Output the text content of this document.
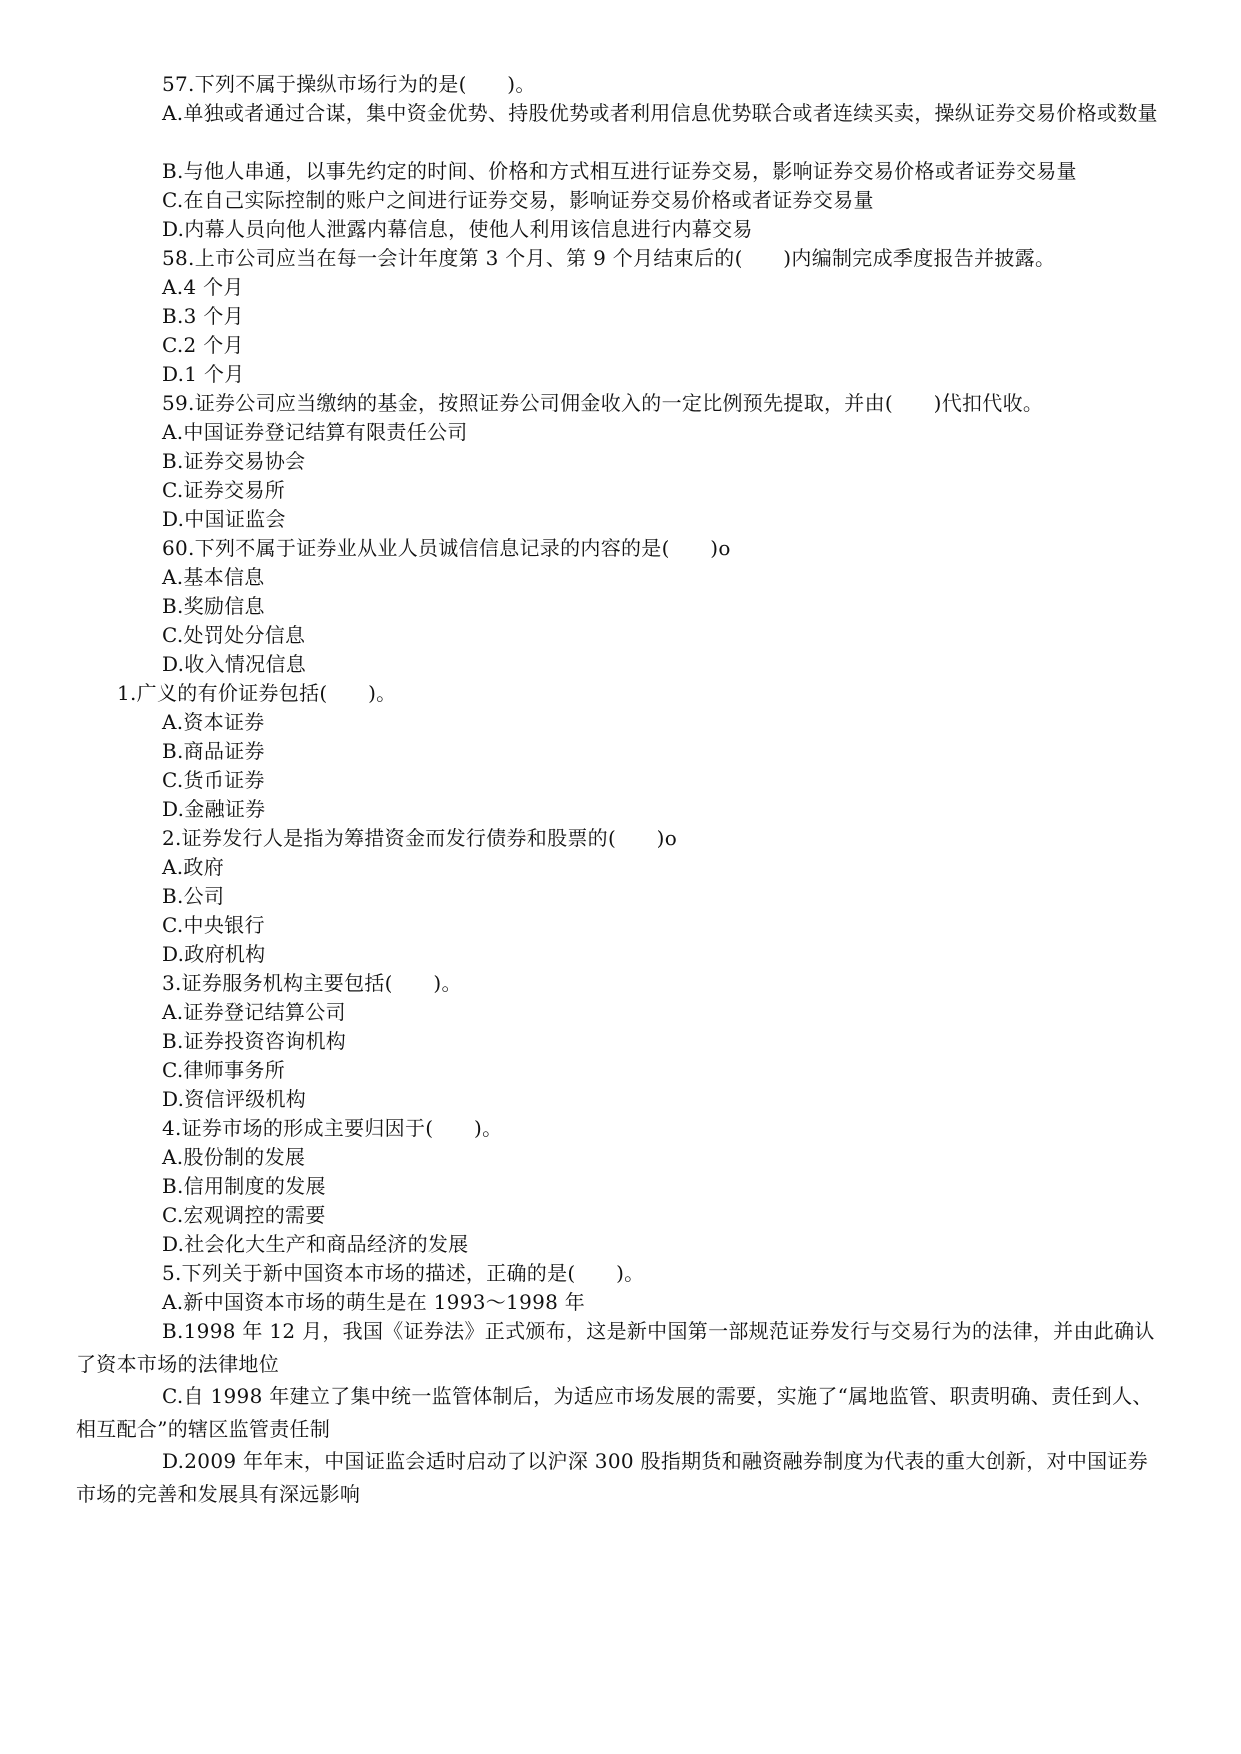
57.下列不属于操纵市场行为的是(　　)。
A.单独或者通过合谋，集中资金优势、持股优势或者利用信息优势联合或者连续买卖，操纵证券交易价格或数量
B.与他人串通，以事先约定的时间、价格和方式相互进行证券交易，影响证券交易价格或者证券交易量
C.在自己实际控制的账户之间进行证券交易，影响证券交易价格或者证券交易量
D.内幕人员向他人泄露内幕信息，使他人利用该信息进行内幕交易
58.上市公司应当在每一会计年度第 3 个月、第 9 个月结束后的(　　)内编制完成季度报告并披露。
A.4 个月
B.3 个月
C.2 个月
D.1 个月
59.证券公司应当缴纳的基金，按照证券公司佣金收入的一定比例预先提取，并由(　　)代扣代收。
A.中国证券登记结算有限责任公司
B.证券交易协会
C.证券交易所
D.中国证监会
60.下列不属于证券业从业人员诚信信息记录的内容的是(　　)o
A.基本信息
B.奖励信息
C.处罚处分信息
D.收入情况信息
1.广义的有价证券包括(　　)。
A.资本证券
B.商品证券
C.货币证券
D.金融证券
2.证券发行人是指为筹措资金而发行债券和股票的(　　)o
A.政府
B.公司
C.中央银行
D.政府机构
3.证券服务机构主要包括(　　)。
A.证券登记结算公司
B.证券投资咨询机构
C.律师事务所
D.资信评级机构
4.证券市场的形成主要归因于(　　)。
A.股份制的发展
B.信用制度的发展
C.宏观调控的需要
D.社会化大生产和商品经济的发展
5.下列关于新中国资本市场的描述，正确的是(　　)。
A.新中国资本市场的萌生是在 1993～1998 年
B.1998 年 12 月，我国《证券法》正式颁布，这是新中国第一部规范证券发行与交易行为的法律，并由此确认了资本市场的法律地位
C.自 1998 年建立了集中统一监管体制后，为适应市场发展的需要，实施了“属地监管、职责明确、责任到人、相互配合”的辖区监管责任制
D.2009 年年末，中国证监会适时启动了以沪深 300 股指期货和融资融券制度为代表的重大创新，对中国证券市场的完善和发展具有深远影响
